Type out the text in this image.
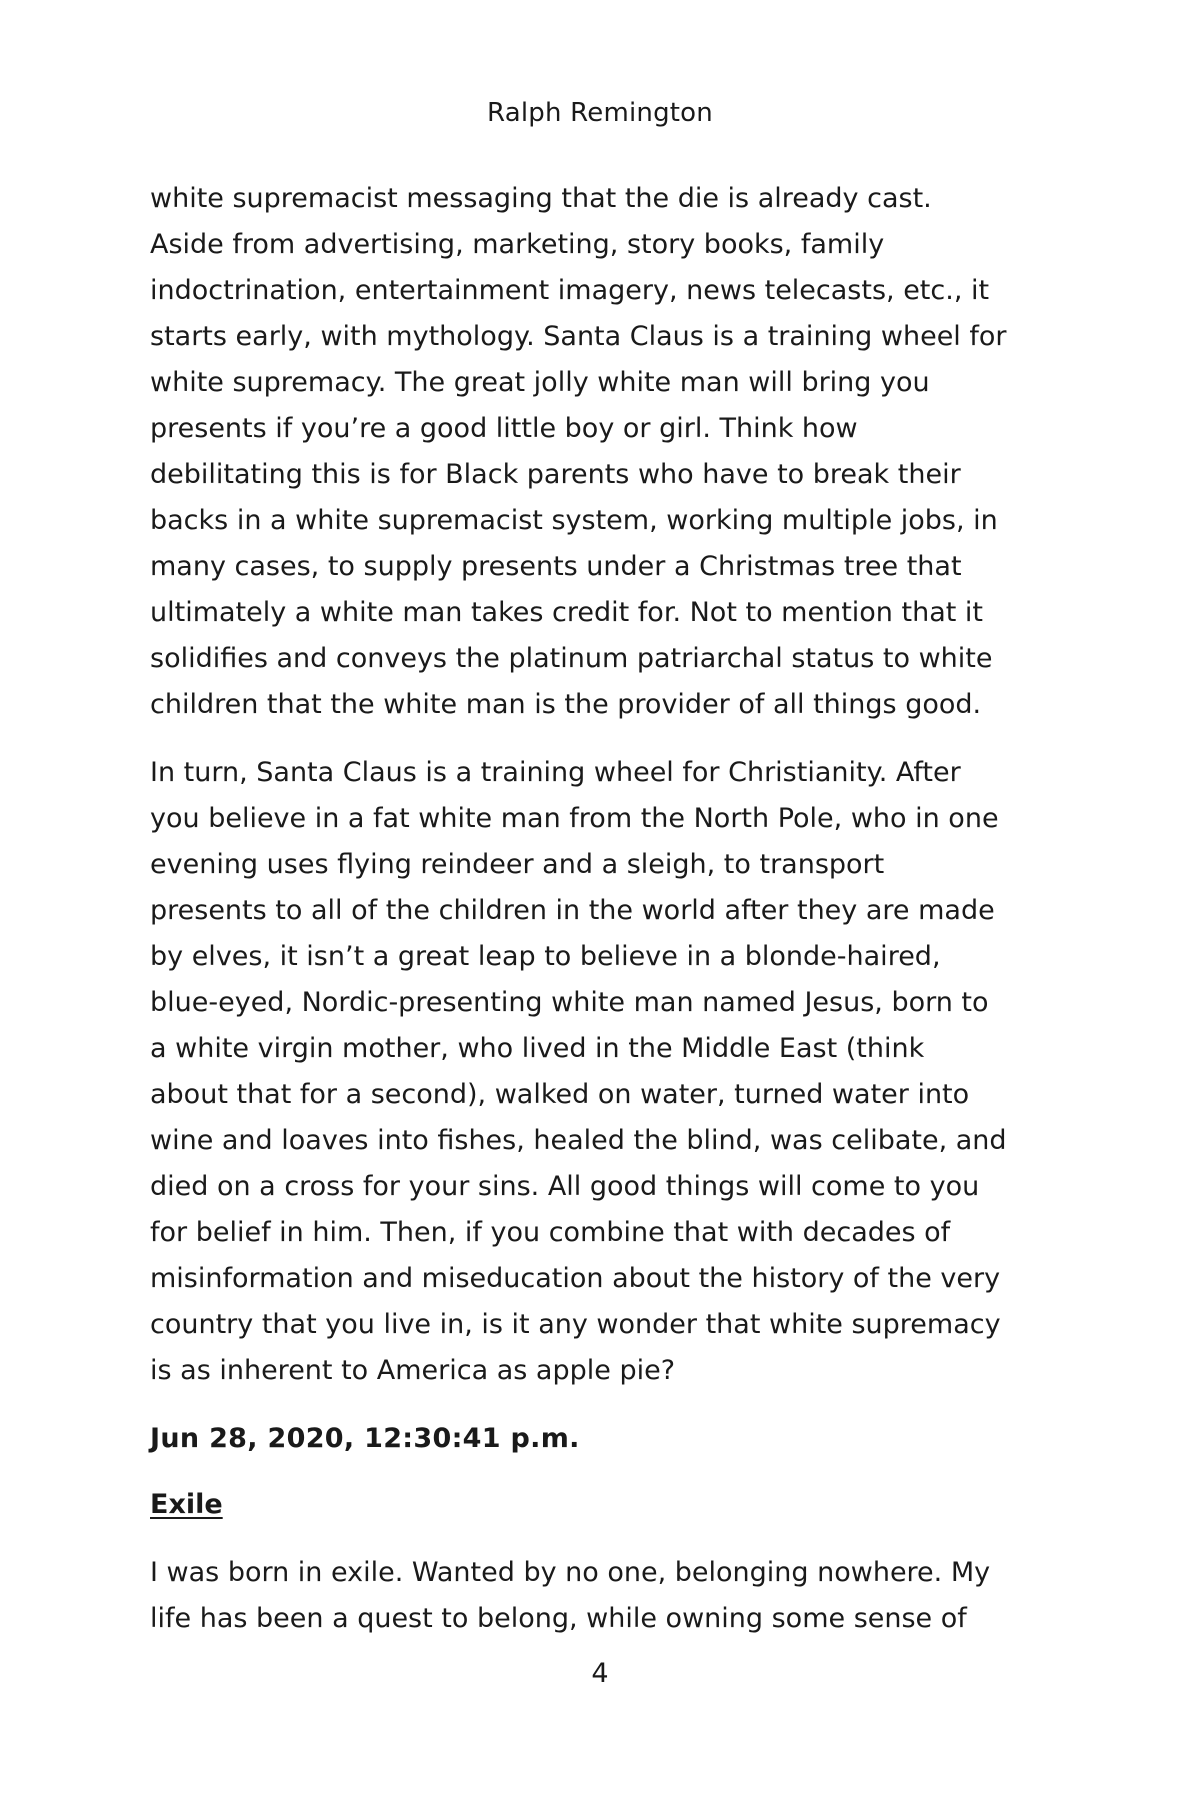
Ralph Remington

white supremacist messaging that the die is already cast.
Aside from advertising, marketing, story books, family
indoctrination, entertainment imagery, news telecasts, etc., it
starts early, with mythology. Santa Claus is a training wheel for
white supremacy. The great jolly white man will bring you
presents if you’re a good little boy or girl. Think how
debilitating this is for Black parents who have to break their
backs in a white supremacist system, working multiple jobs, in
many cases, to supply presents under a Christmas tree that
ultimately a white man takes credit for. Not to mention that it
solidifies and conveys the platinum patriarchal status to white
children that the white man is the provider of all things good.

In turn, Santa Claus is a training wheel for Christianity. After
you believe in a fat white man from the North Pole, who in one
evening uses flying reindeer and a sleigh, to transport
presents to all of the children in the world after they are made
by elves, it isn’t a great leap to believe in a blonde-haired,
blue-eyed, Nordic-presenting white man named Jesus, born to
a white virgin mother, who lived in the Middle East (think
about that for a second), walked on water, turned water into
wine and loaves into fishes, healed the blind, was celibate, and
died on a cross for your sins. All good things will come to you
for belief in him. Then, if you combine that with decades of
misinformation and miseducation about the history of the very
country that you live in, is it any wonder that white supremacy
is as inherent to America as apple pie?

Jun 28, 2020, 12:30:41 p.m.

Exile

I was born in exile. Wanted by no one, belonging nowhere. My
life has been a quest to belong, while owning some sense of

4
